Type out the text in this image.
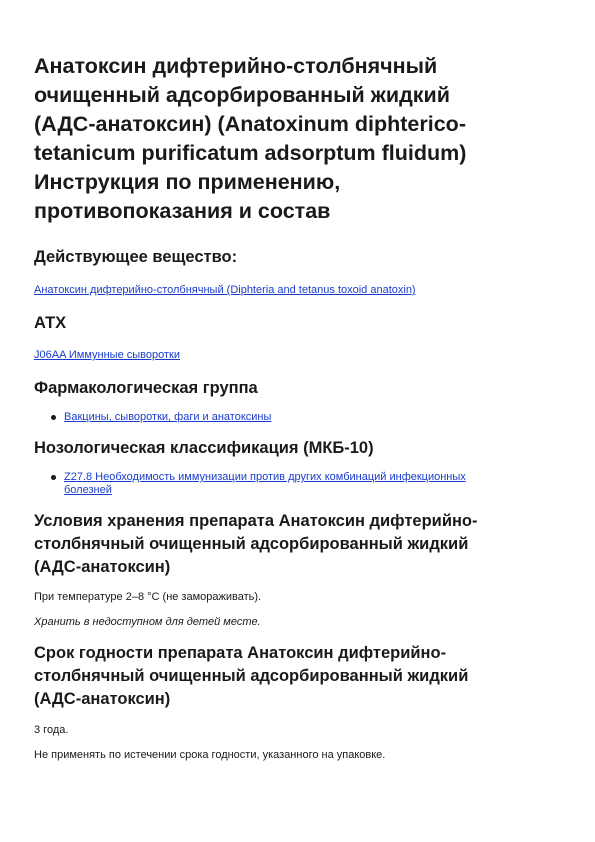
Анатоксин дифтерийно-столбнячный
очищенный адсорбированный жидкий
(АДС-анатоксин) (Anatoxinum diphterico-
tetanicum purificatum adsorptum fluidum)
Инструкция по применению,
противопоказания и состав
Действующее вещество:
Анатоксин дифтерийно-столбнячный (Diphteria and tetanus toxoid anatoxin)
АТХ
J06AA Иммунные сыворотки
Фармакологическая группа
Вакцины, сыворотки, фаги и анатоксины
Нозологическая классификация (МКБ-10)
Z27.8 Необходимость иммунизации против других комбинаций инфекционных
болезней
Условия хранения препарата Анатоксин дифтерийно-
столбнячный очищенный адсорбированный жидкий
(АДС-анатоксин)

При температуре 2–8 °C (не замораживать).

Хранить в недоступном для детей месте.

Срок годности препарата Анатоксин дифтерийно-
столбнячный очищенный адсорбированный жидкий
(АДС-анатоксин)

3 года.

Не применять по истечении срока годности, указанного на упаковке.
